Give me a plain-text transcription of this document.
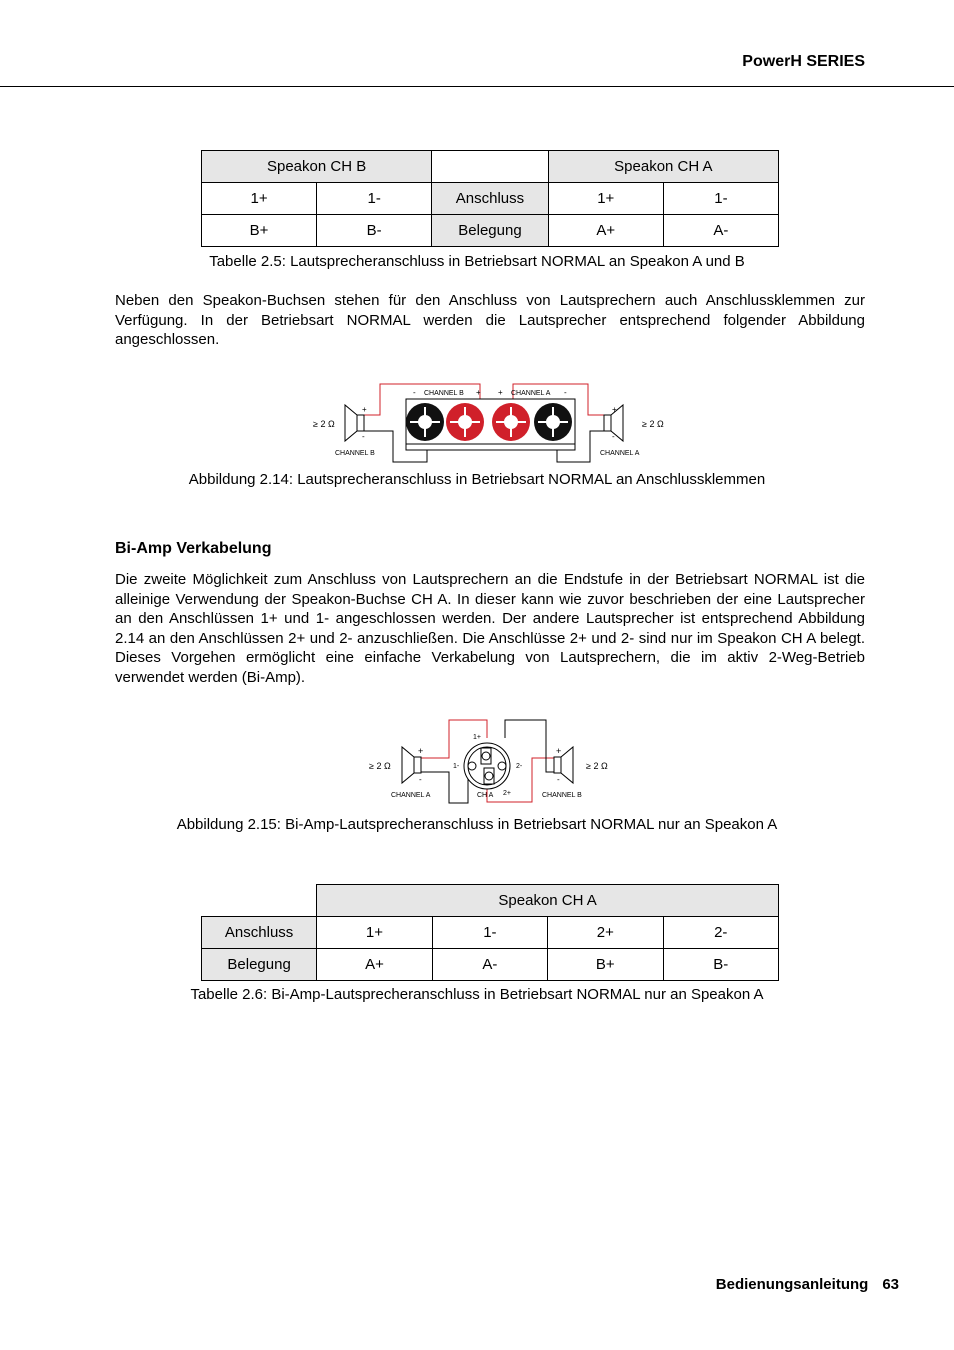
PowerH SERIES
Speakon CH B			Speakon CH A	
1+	1-	Anschluss	1+	1-
B+	B-	Belegung	A+	A-
Tabelle 2.5: Lautsprecheranschluss in Betriebsart NORMAL an Speakon A und B
Neben den Speakon-Buchsen stehen für den Anschluss von Lautsprechern auch Anschlussklemmen zur Verfügung. In der Betriebsart NORMAL werden die Lautsprecher entsprechend folgender Abbildung angeschlossen.
- CHANNEL B + + CHANNEL A -
+
-
≥ 2 Ω
CHANNEL B
+
-
≥ 2 Ω
CHANNEL A
Abbildung 2.14: Lautsprecheranschluss in Betriebsart NORMAL an Anschlussklemmen
Bi-Amp Verkabelung
Die zweite Möglichkeit zum Anschluss von Lautsprechern an die Endstufe in der Betriebsart NORMAL ist die alleinige Verwendung der Speakon-Buchse CH A. In dieser kann wie zuvor beschrieben der eine Lautsprecher an den Anschlüssen 1+ und 1- angeschlossen werden. Der andere Lautsprecher ist entsprechend Abbildung 2.14 an den Anschlüssen 2+ und 2- anzuschließen. Die Anschlüsse 2+ und 2- sind nur im Speakon CH A belegt. Dieses Vorgehen ermöglicht eine einfache Verkabelung von Lautsprechern, die im aktiv 2-Weg-Betrieb verwendet werden (Bi-Amp).
1+
1-	2-
2+
CH A
+
-
≥ 2 Ω
CHANNEL A
+
-
≥ 2 Ω
CHANNEL B
Abbildung 2.15: Bi-Amp-Lautsprecheranschluss in Betriebsart NORMAL nur an Speakon A
	Speakon CH A			
Anschluss	1+	1-	2+	2-
Belegung	A+	A-	B+	B-
Tabelle 2.6: Bi-Amp-Lautsprecheranschluss in Betriebsart NORMAL nur an Speakon A
Bedienungsanleitung 63
